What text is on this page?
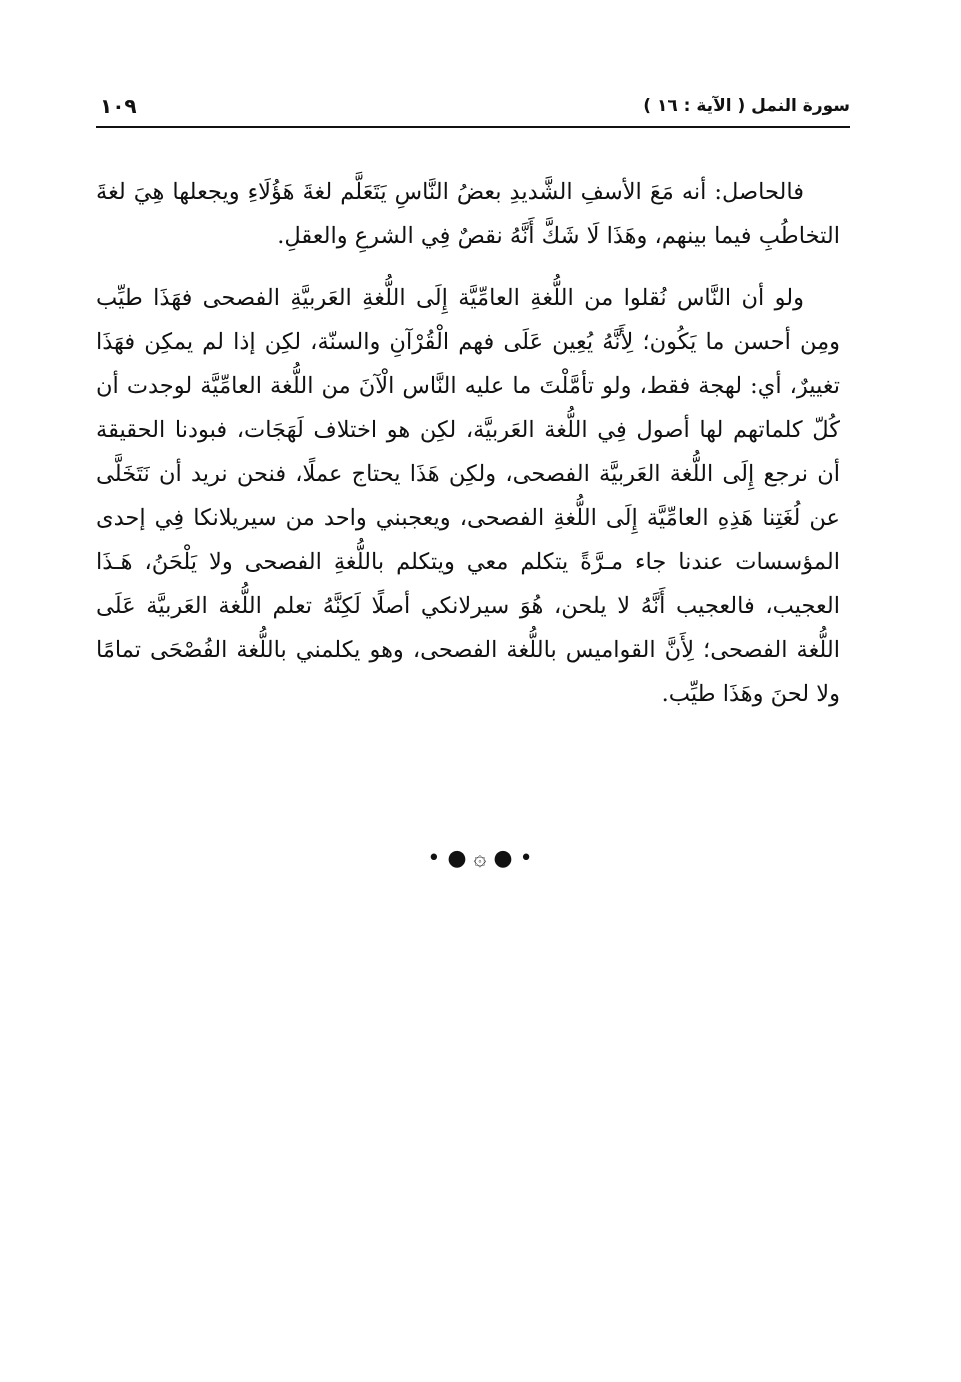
سورة النمل ( الآية : ١٦ )
١٠٩

فالحاصل: أنه مَعَ الأسفِ الشَّديدِ بعضُ النَّاسِ يَتَعَلَّم لغةَ هَؤُلَاءِ ويجعلها هِيَ لغةَ التخاطُبِ فيما بينهم، وهَذَا لَا شَكَّ أَنَّهُ نقصٌ فِي الشرعِ والعقلِ.

ولو أن النَّاس نُقلوا من اللُّغةِ العامِّيَّة إِلَى اللُّغةِ العَربيَّةِ الفصحى فهَذَا طيِّب ومِن أحسن ما يَكُون؛ لِأَنَّهُ يُعِين عَلَى فهم الْقُرْآنِ والسنّة، لكِن إذا لم يمكِن فهَذَا تغييرٌ، أي: لهجة فقط، ولو تأمَّلْتَ ما عليه النَّاس الْآنَ من اللُّغة العامِّيَّة لوجدت أن كُلّ كلماتهم لها أصول فِي اللُّغة العَربيَّة، لكِن هو اختلاف لَهَجَات، فبودنا الحقيقة أن نرجع إِلَى اللُّغة العَربيَّة الفصحى، ولكِن هَذَا يحتاج عملًا، فنحن نريد أن نَتَخَلَّى عن لُغَتِنا هَذِهِ العامِّيَّة إِلَى اللُّغةِ الفصحى، ويعجبني واحد من سيريلانكا فِي إحدى المؤسسات عندنا جاء مـرَّةً يتكلم معي ويتكلم باللُّغةِ الفصحى ولا يَلْحَنُ، هَـذَا العجيب، فالعجيب أَنَّهُ لا يلحن، هُوَ سيرلانكي أصلًا لَكِنَّهُ تعلم اللُّغة العَربيَّة عَلَى اللُّغة الفصحى؛ لِأَنَّ القواميس باللُّغة الفصحى، وهو يكلمني باللُّغة الفُصْحَى تمامًا ولا لحنَ وهَذَا طيِّب.

• ● ۞ ● •
